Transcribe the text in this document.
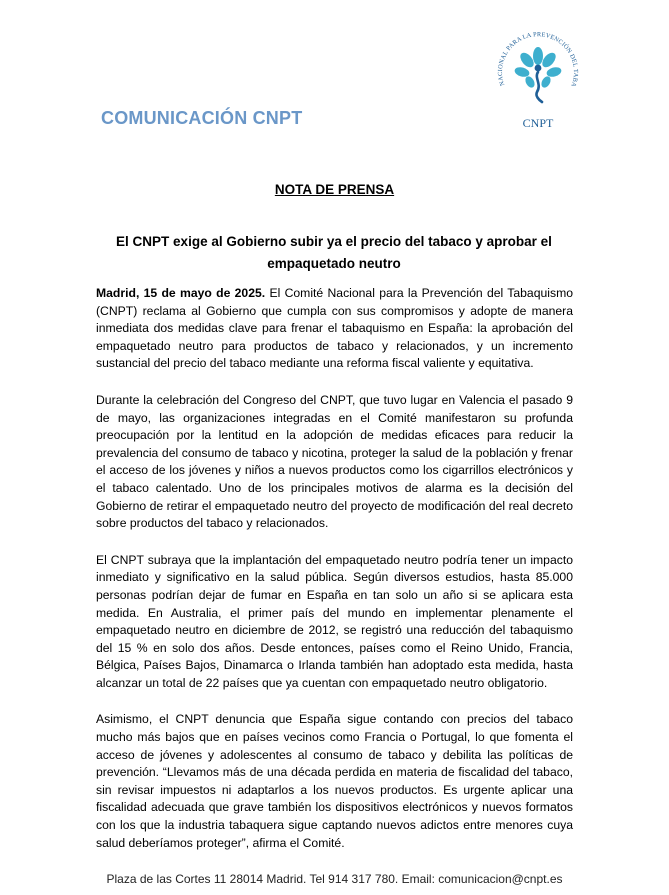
COMUNICACIÓN CNPT
NACIONAL PARA LA PREVENCIÓN DEL TABA
CNPT
NOTA DE PRENSA
El CNPT exige al Gobierno subir ya el precio del tabaco y aprobar el empaquetado neutro

Madrid, 15 de mayo de 2025. El Comité Nacional para la Prevención del Tabaquismo (CNPT) reclama al Gobierno que cumpla con sus compromisos y adopte de manera inmediata dos medidas clave para frenar el tabaquismo en España: la aprobación del empaquetado neutro para productos de tabaco y relacionados, y un incremento sustancial del precio del tabaco mediante una reforma fiscal valiente y equitativa.

Durante la celebración del Congreso del CNPT, que tuvo lugar en Valencia el pasado 9 de mayo, las organizaciones integradas en el Comité manifestaron su profunda preocupación por la lentitud en la adopción de medidas eficaces para reducir la prevalencia del consumo de tabaco y nicotina, proteger la salud de la población y frenar el acceso de los jóvenes y niños a nuevos productos como los cigarrillos electrónicos y el tabaco calentado. Uno de los principales motivos de alarma es la decisión del Gobierno de retirar el empaquetado neutro del proyecto de modificación del real decreto sobre productos del tabaco y relacionados.

El CNPT subraya que la implantación del empaquetado neutro podría tener un impacto inmediato y significativo en la salud pública. Según diversos estudios, hasta 85.000 personas podrían dejar de fumar en España en tan solo un año si se aplicara esta medida. En Australia, el primer país del mundo en implementar plenamente el empaquetado neutro en diciembre de 2012, se registró una reducción del tabaquismo del 15 % en solo dos años. Desde entonces, países como el Reino Unido, Francia, Bélgica, Países Bajos, Dinamarca o Irlanda también han adoptado esta medida, hasta alcanzar un total de 22 países que ya cuentan con empaquetado neutro obligatorio.

Asimismo, el CNPT denuncia que España sigue contando con precios del tabaco mucho más bajos que en países vecinos como Francia o Portugal, lo que fomenta el acceso de jóvenes y adolescentes al consumo de tabaco y debilita las políticas de prevención. “Llevamos más de una década perdida en materia de fiscalidad del tabaco, sin revisar impuestos ni adaptarlos a los nuevos productos. Es urgente aplicar una fiscalidad adecuada que grave también los dispositivos electrónicos y nuevos formatos con los que la industria tabaquera sigue captando nuevos adictos entre menores cuya salud deberíamos proteger”, afirma el Comité.

Plaza de las Cortes 11 28014 Madrid. Tel 914 317 780. Email: comunicacion@cnpt.es
